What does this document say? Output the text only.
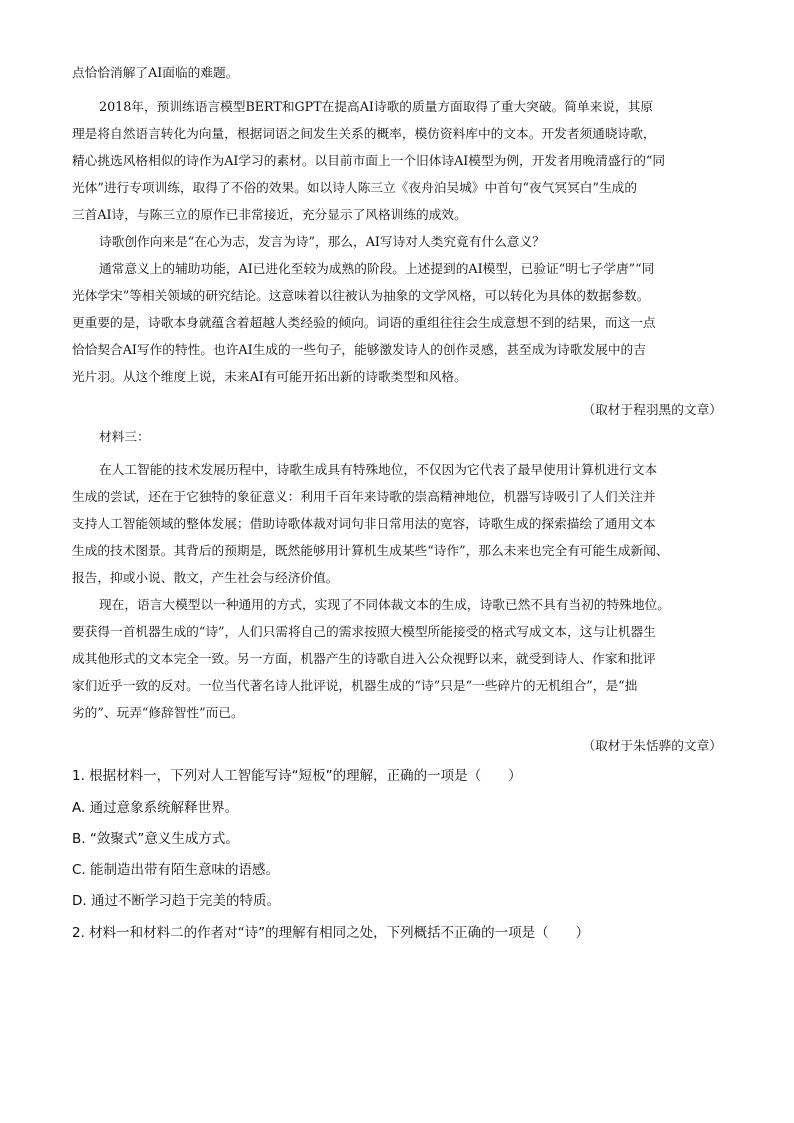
点恰恰消解了AI面临的难题。
2018年，预训练语言模型BERT和GPT在提高AI诗歌的质量方面取得了重大突破。简单来说，其原
理是将自然语言转化为向量，根据词语之间发生关系的概率，模仿资料库中的文本。开发者须通晓诗歌，
精心挑选风格相似的诗作为AI学习的素材。以目前市面上一个旧体诗AI模型为例，开发者用晚清盛行的“同
光体”进行专项训练，取得了不俗的效果。如以诗人陈三立《夜舟泊吴城》中首句“夜气冥冥白”生成的
三首AI诗，与陈三立的原作已非常接近，充分显示了风格训练的成效。
诗歌创作向来是“在心为志，发言为诗”，那么，AI写诗对人类究竟有什么意义？
通常意义上的辅助功能，AI已进化至较为成熟的阶段。上述提到的AI模型，已验证“明七子学唐”“同
光体学宋”等相关领域的研究结论。这意味着以往被认为抽象的文学风格，可以转化为具体的数据参数。
更重要的是，诗歌本身就蕴含着超越人类经验的倾向。词语的重组往往会生成意想不到的结果，而这一点
恰恰契合AI写作的特性。也许AI生成的一些句子，能够激发诗人的创作灵感，甚至成为诗歌发展中的吉
光片羽。从这个维度上说，未来AI有可能开拓出新的诗歌类型和风格。
（取材于程羽黑的文章）
材料三：
在人工智能的技术发展历程中，诗歌生成具有特殊地位，不仅因为它代表了最早使用计算机进行文本
生成的尝试，还在于它独特的象征意义：利用千百年来诗歌的崇高精神地位，机器写诗吸引了人们关注并
支持人工智能领域的整体发展；借助诗歌体裁对词句非日常用法的宽容，诗歌生成的探索描绘了通用文本
生成的技术图景。其背后的预期是，既然能够用计算机生成某些“诗作”，那么未来也完全有可能生成新闻、
报告，抑或小说、散文，产生社会与经济价值。
现在，语言大模型以一种通用的方式，实现了不同体裁文本的生成，诗歌已然不具有当初的特殊地位。
要获得一首机器生成的“诗”，人们只需将自己的需求按照大模型所能接受的格式写成文本，这与让机器生
成其他形式的文本完全一致。另一方面，机器产生的诗歌自进入公众视野以来，就受到诗人、作家和批评
家们近乎一致的反对。一位当代著名诗人批评说，机器生成的“诗”只是“一些碎片的无机组合”，是“拙
劣的”、玩弄“修辞智性”而已。
（取材于朱恬骅的文章）
1. 根据材料一，下列对人工智能写诗“短板”的理解，正确的一项是（　　）
A. 通过意象系统解释世界。
B. “敛聚式”意义生成方式。
C. 能制造出带有陌生意味的语感。
D. 通过不断学习趋于完美的特质。
2. 材料一和材料二的作者对“诗”的理解有相同之处，下列概括不正确的一项是（　　）
